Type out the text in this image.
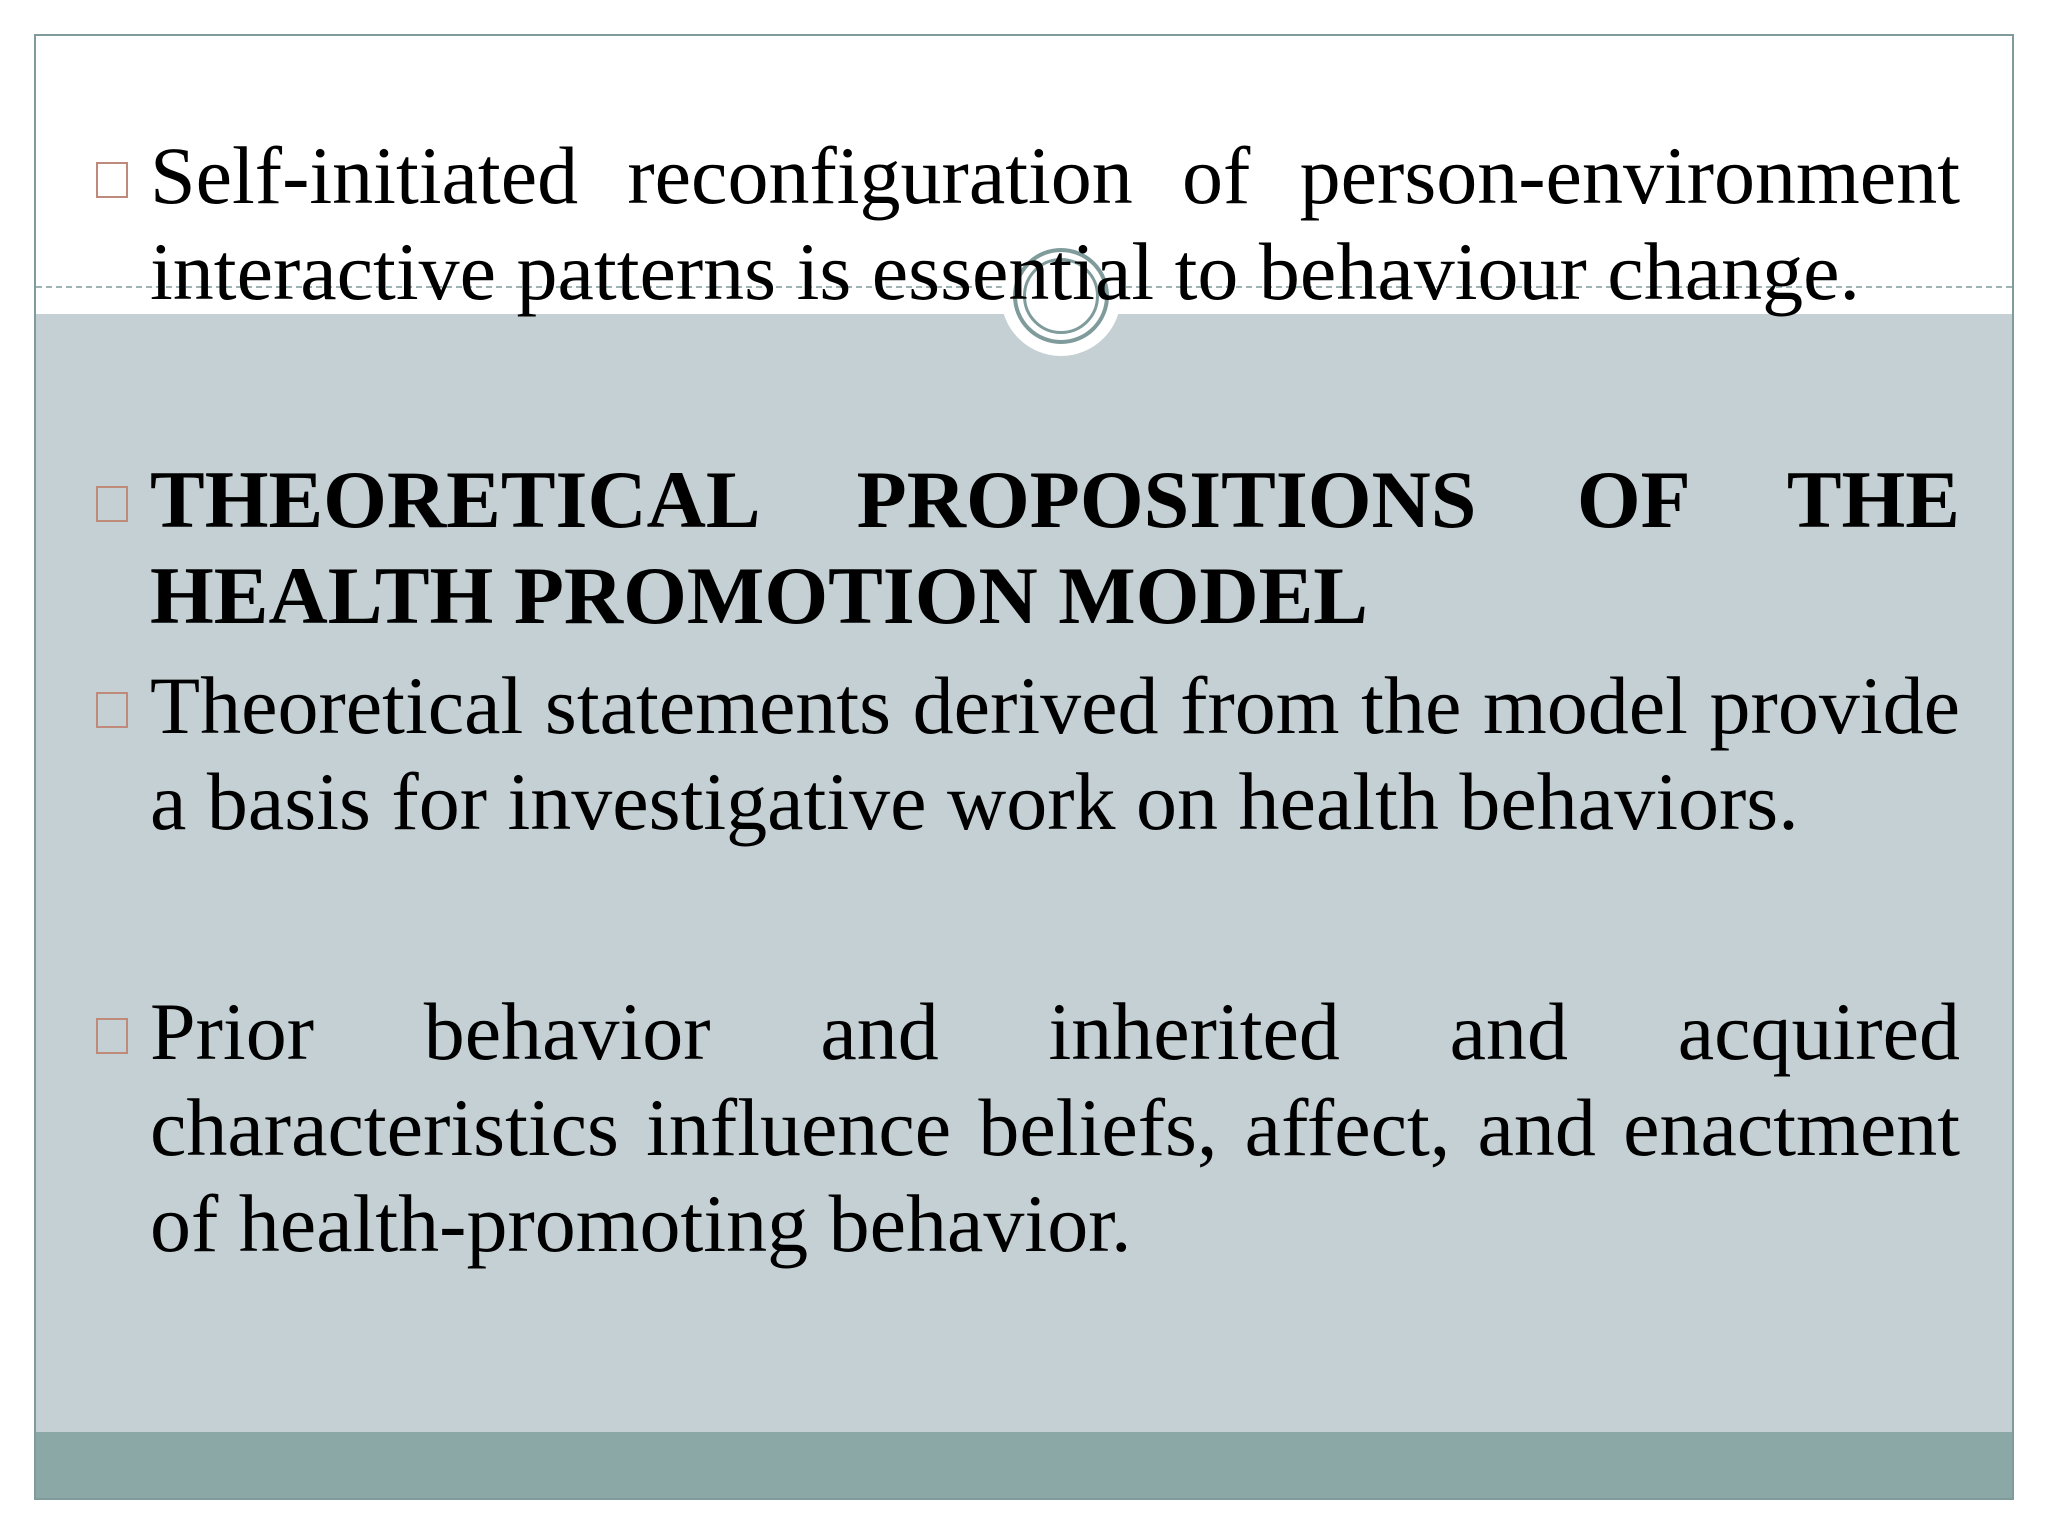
Self-initiated reconfiguration of person-environment interactive patterns is essential to behaviour change.
THEORETICAL PROPOSITIONS OF THE HEALTH PROMOTION MODEL
Theoretical statements derived from the model provide a basis for investigative work on health behaviors.
Prior behavior and inherited and acquired characteristics influence beliefs, affect, and enactment of health-promoting behavior.
